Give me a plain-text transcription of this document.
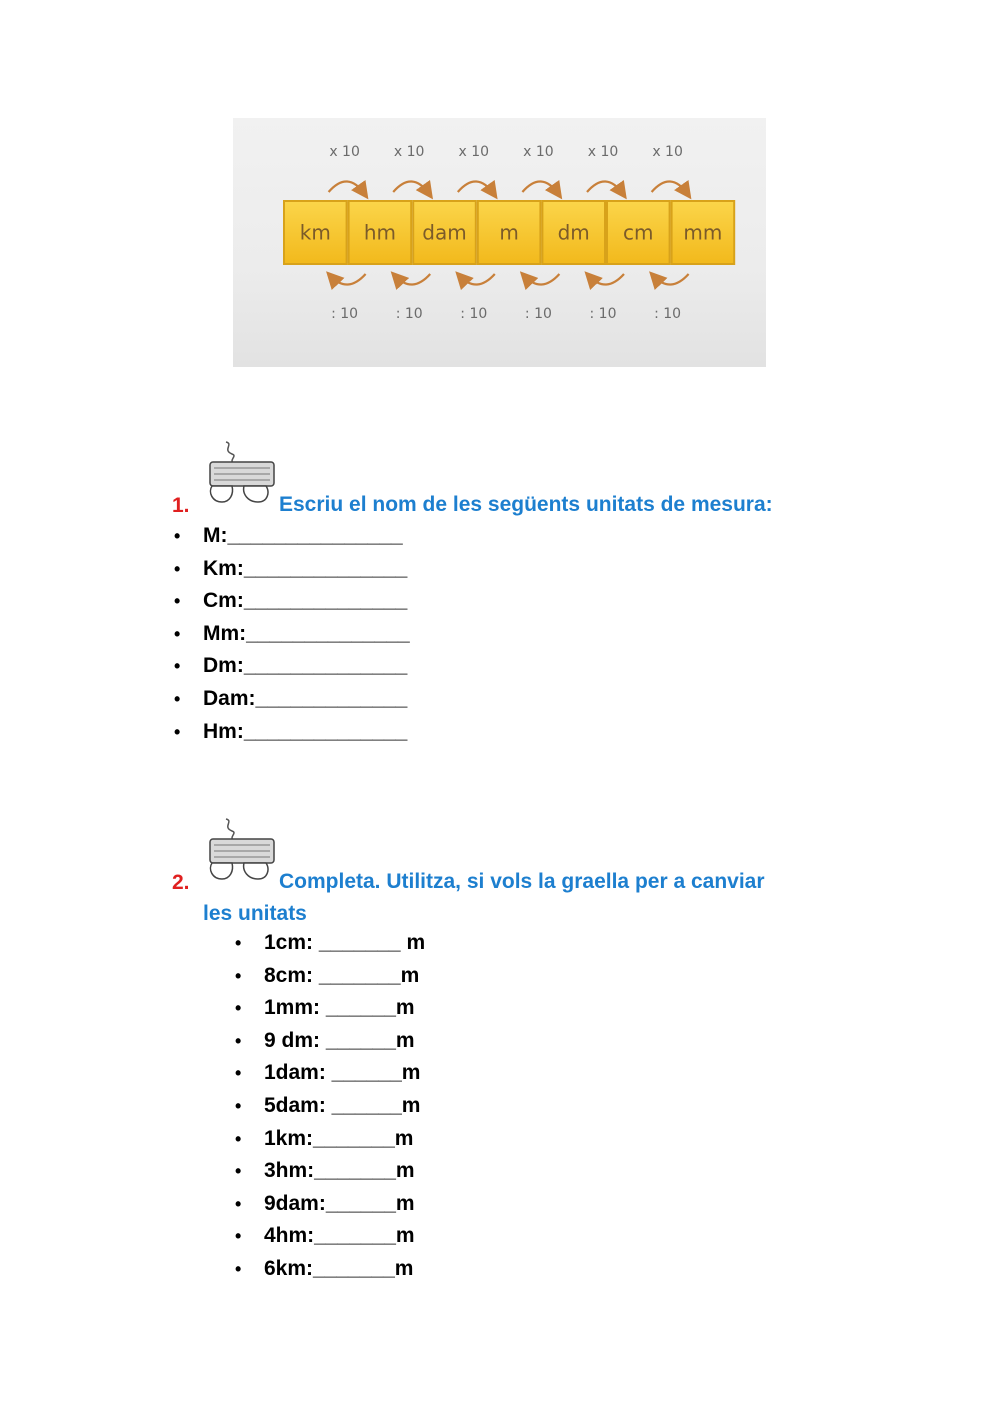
km hm dam m dm cm mm
x 10
: 10
x 10
: 10
x 10
: 10
x 10
: 10
x 10
: 10
x 10
: 10
1.	Escriu el nom de les següents unitats de mesura:
• M:_______________
• Km:______________
• Cm:______________
• Mm:______________
• Dm:______________
• Dam:_____________
• Hm:______________
2.	Completa. Utilitza, si vols la graella per a canviar
les unitats
• 1cm: _______ m
• 8cm: _______m
• 1mm: ______m
• 9 dm: ______m
• 1dam: ______m
• 5dam: ______m
• 1km:_______m
• 3hm:_______m
• 9dam:______m
• 4hm:_______m
• 6km:_______m
